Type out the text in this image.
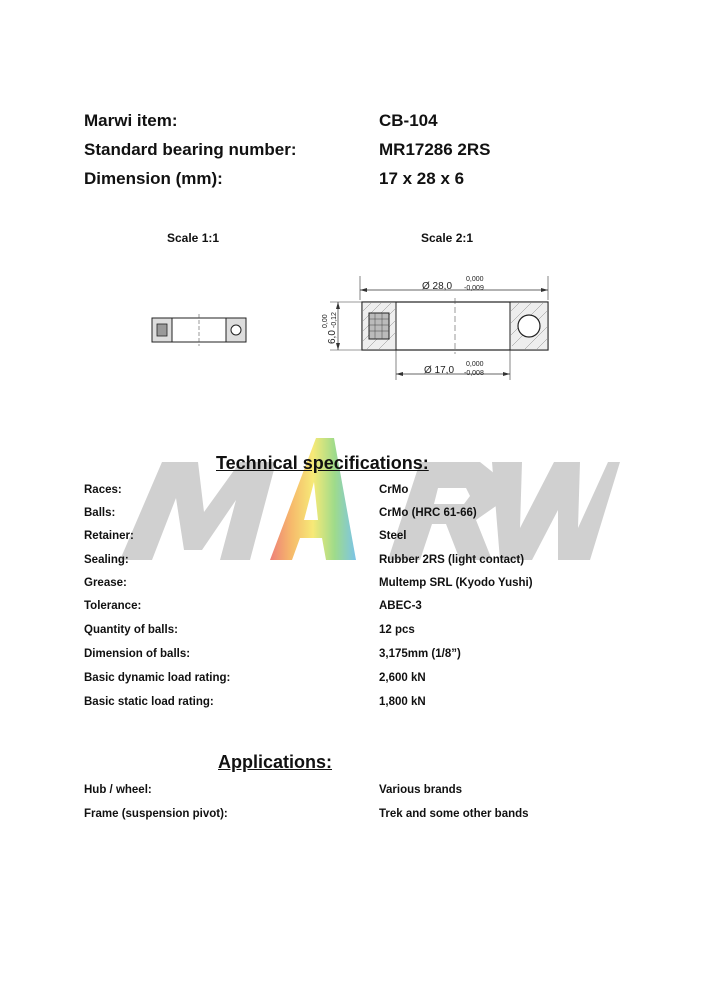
Marwi item:	CB-104
Standard bearing number:	MR17286 2RS
Dimension (mm):	17 x 28 x 6
Scale 1:1	Scale 2:1
Ø 28,0
0,000
-0,009
6,0
0,00 -0,12
Ø 17,0
0,000
-0,008
Technical specifications:
Races:	CrMo
Balls:	CrMo (HRC 61-66)
Retainer:	Steel
Sealing:	Rubber 2RS (light contact)
Grease:	Multemp SRL (Kyodo Yushi)
Tolerance:	ABEC-3
Quantity of balls:	12 pcs
Dimension of balls:	3,175mm (1/8”)
Basic dynamic load rating:	2,600 kN
Basic static load rating:	1,800 kN
Applications:
Hub / wheel:	Various brands
Frame (suspension pivot):	Trek and some other bands
